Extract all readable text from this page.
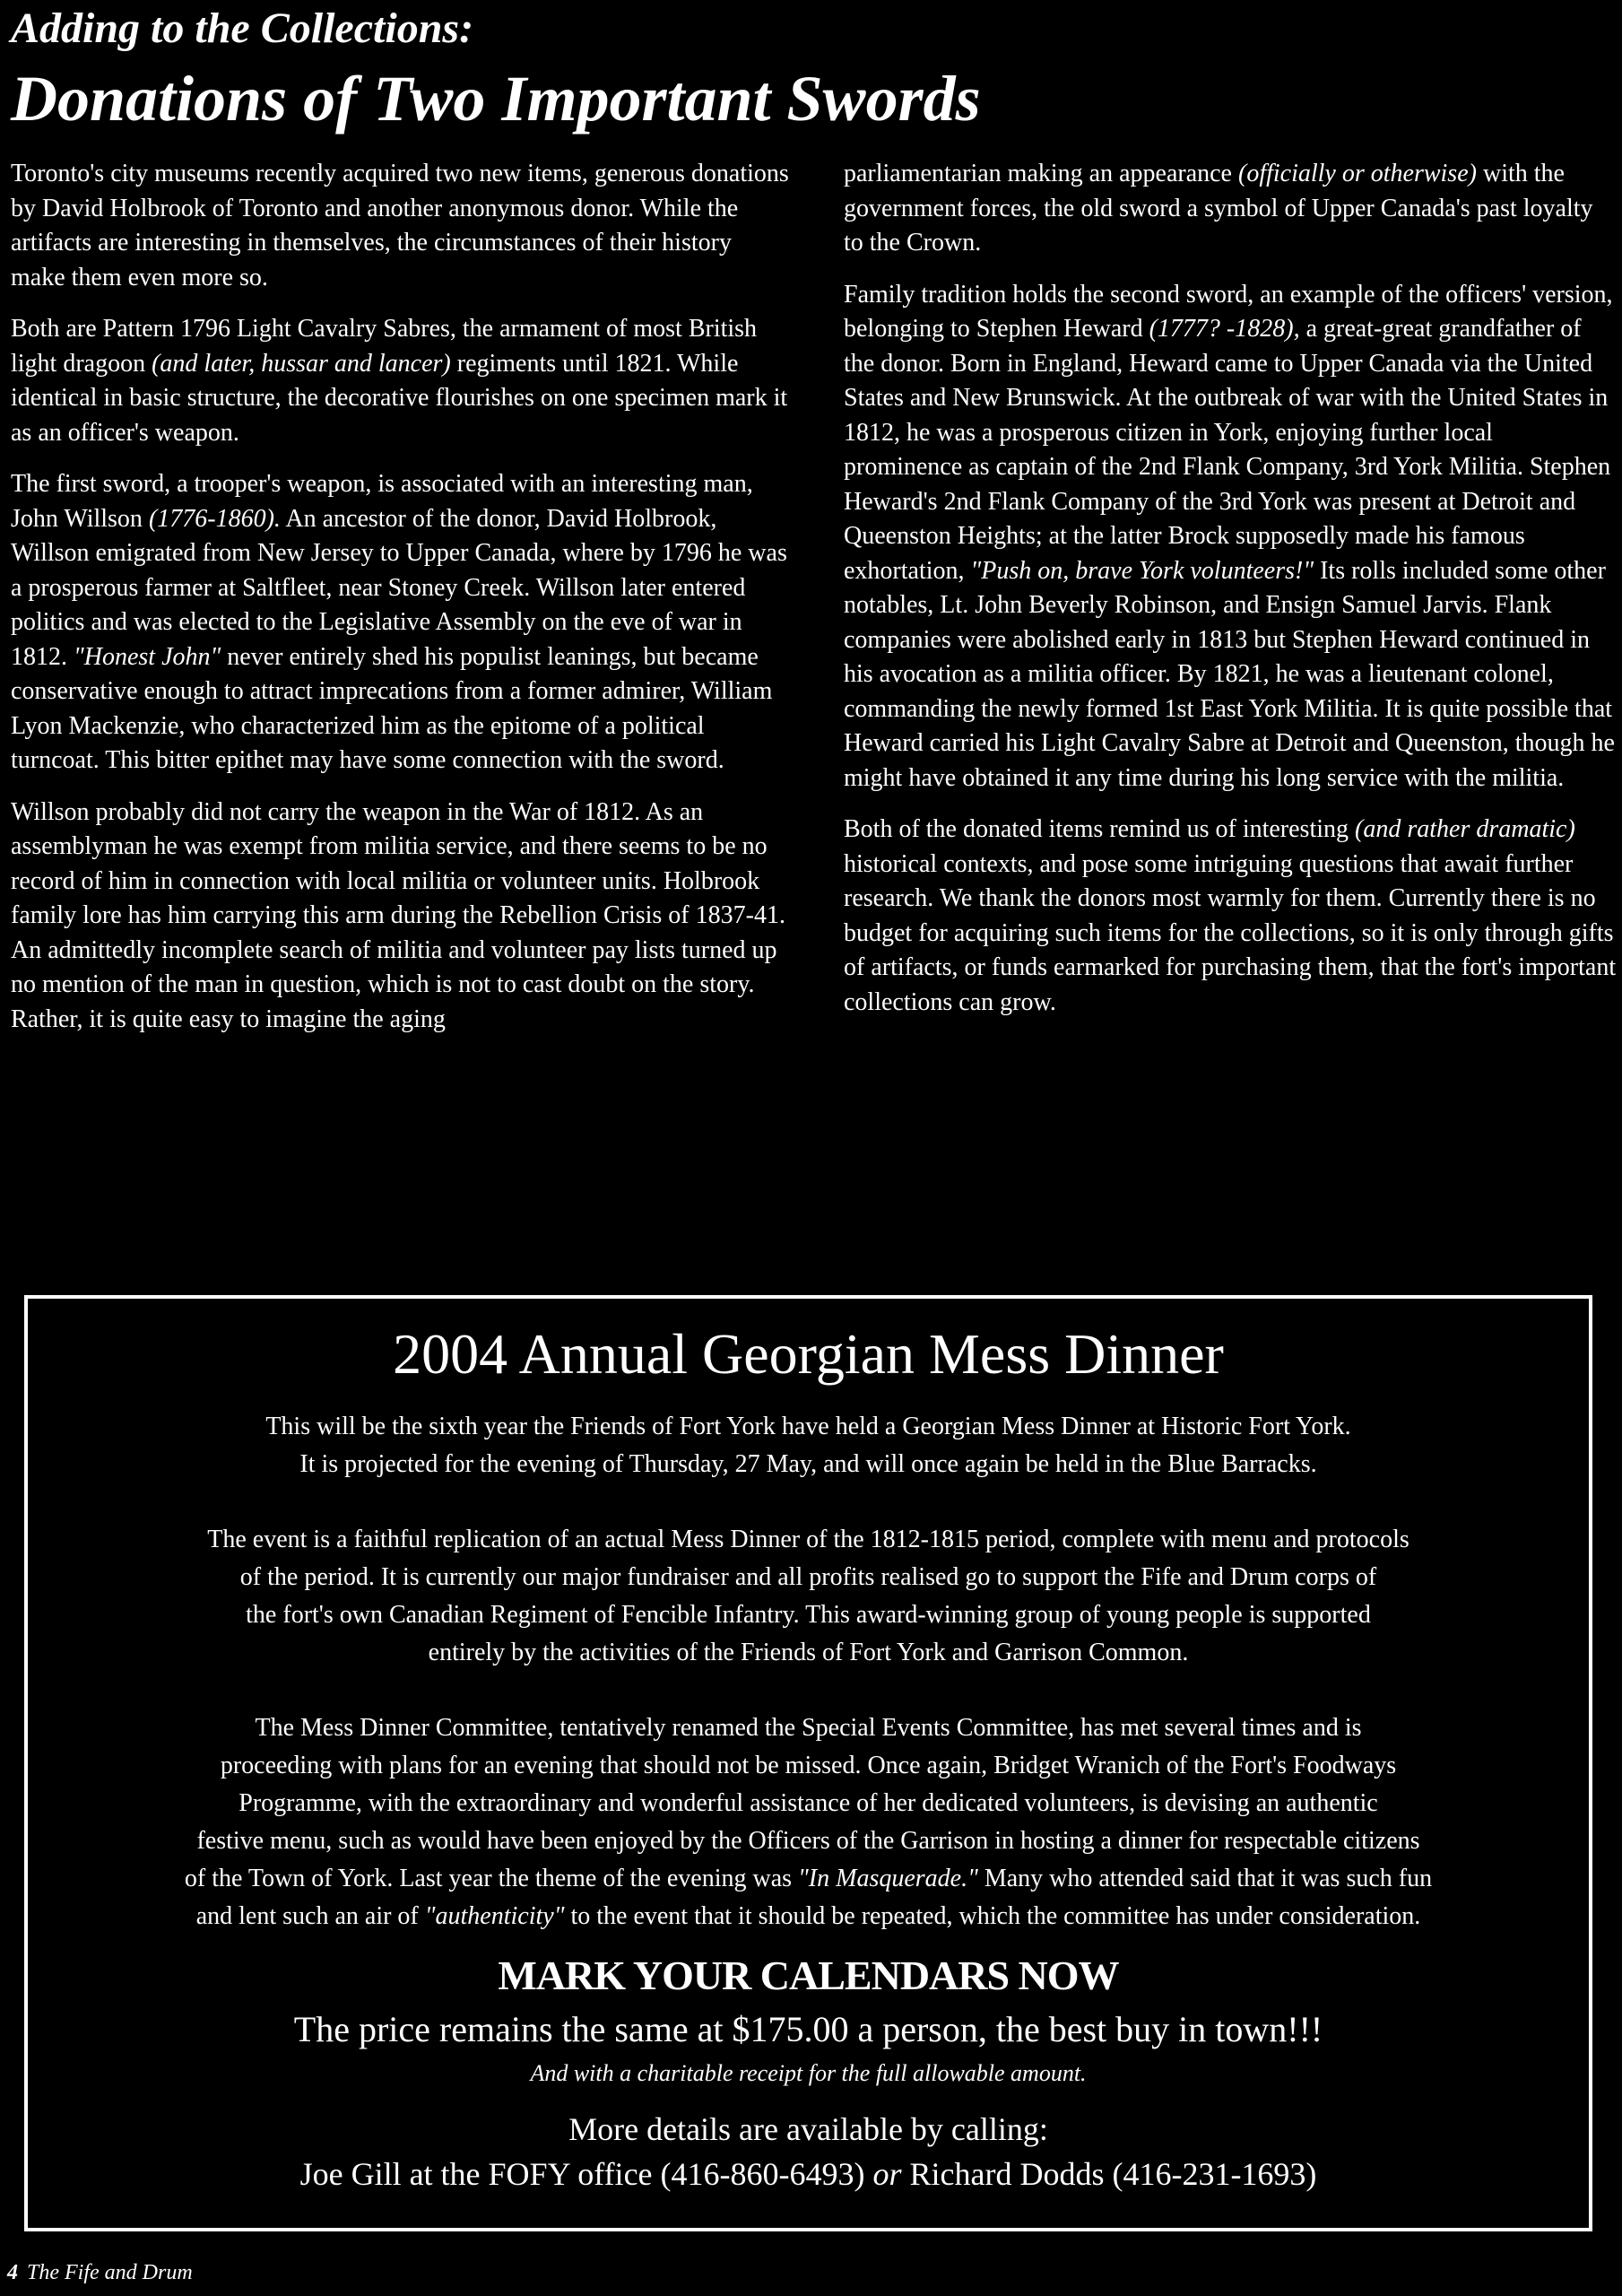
Adding to the Collections:
Donations of Two Important Swords

Toronto's city museums recently acquired two new items, generous donations by David Holbrook of Toronto and another anonymous donor. While the artifacts are interesting in themselves, the circumstances of their history make them even more so.

Both are Pattern 1796 Light Cavalry Sabres, the armament of most British light dragoon (and later, hussar and lancer) regiments until 1821. While identical in basic structure, the decorative flourishes on one specimen mark it as an officer's weapon.

The first sword, a trooper's weapon, is associated with an interesting man, John Willson (1776-1860). An ancestor of the donor, David Holbrook, Willson emigrated from New Jersey to Upper Canada, where by 1796 he was a prosperous farmer at Saltfleet, near Stoney Creek. Willson later entered politics and was elected to the Legislative Assembly on the eve of war in 1812. "Honest John" never entirely shed his populist leanings, but became conservative enough to attract imprecations from a former admirer, William Lyon Mackenzie, who characterized him as the epitome of a political turncoat. This bitter epithet may have some connection with the sword.

Willson probably did not carry the weapon in the War of 1812. As an assemblyman he was exempt from militia service, and there seems to be no record of him in connection with local militia or volunteer units. Holbrook family lore has him carrying this arm during the Rebellion Crisis of 1837-41. An admittedly incomplete search of militia and volunteer pay lists turned up no mention of the man in question, which is not to cast doubt on the story. Rather, it is quite easy to imagine the aging

parliamentarian making an appearance (officially or otherwise) with the government forces, the old sword a symbol of Upper Canada's past loyalty to the Crown.

Family tradition holds the second sword, an example of the officers' version, belonging to Stephen Heward (1777? -1828), a great-great grandfather of the donor. Born in England, Heward came to Upper Canada via the United States and New Brunswick. At the outbreak of war with the United States in 1812, he was a prosperous citizen in York, enjoying further local prominence as captain of the 2nd Flank Company, 3rd York Militia. Stephen Heward's 2nd Flank Company of the 3rd York was present at Detroit and Queenston Heights; at the latter Brock supposedly made his famous exhortation, "Push on, brave York volunteers!" Its rolls included some other notables, Lt. John Beverly Robinson, and Ensign Samuel Jarvis. Flank companies were abolished early in 1813 but Stephen Heward continued in his avocation as a militia officer. By 1821, he was a lieutenant colonel, commanding the newly formed 1st East York Militia. It is quite possible that Heward carried his Light Cavalry Sabre at Detroit and Queenston, though he might have obtained it any time during his long service with the militia.

Both of the donated items remind us of interesting (and rather dramatic) historical contexts, and pose some intriguing questions that await further research. We thank the donors most warmly for them. Currently there is no budget for acquiring such items for the collections, so it is only through gifts of artifacts, or funds earmarked for purchasing them, that the fort's important collections can grow.

2004 Annual Georgian Mess Dinner
This will be the sixth year the Friends of Fort York have held a Georgian Mess Dinner at Historic Fort York.
It is projected for the evening of Thursday, 27 May, and will once again be held in the Blue Barracks.
The event is a faithful replication of an actual Mess Dinner of the 1812-1815 period, complete with menu and protocols
of the period. It is currently our major fundraiser and all profits realised go to support the Fife and Drum corps of
the fort's own Canadian Regiment of Fencible Infantry. This award-winning group of young people is supported
entirely by the activities of the Friends of Fort York and Garrison Common.
The Mess Dinner Committee, tentatively renamed the Special Events Committee, has met several times and is
proceeding with plans for an evening that should not be missed. Once again, Bridget Wranich of the Fort's Foodways
Programme, with the extraordinary and wonderful assistance of her dedicated volunteers, is devising an authentic
festive menu, such as would have been enjoyed by the Officers of the Garrison in hosting a dinner for respectable citizens
of the Town of York. Last year the theme of the evening was "In Masquerade." Many who attended said that it was such fun
and lent such an air of "authenticity" to the event that it should be repeated, which the committee has under consideration.
MARK YOUR CALENDARS NOW
The price remains the same at $175.00 a person, the best buy in town!!!
And with a charitable receipt for the full allowable amount.
More details are available by calling:
Joe Gill at the FOFY office (416-860-6493) or Richard Dodds (416-231-1693)
4 The Fife and Drum
